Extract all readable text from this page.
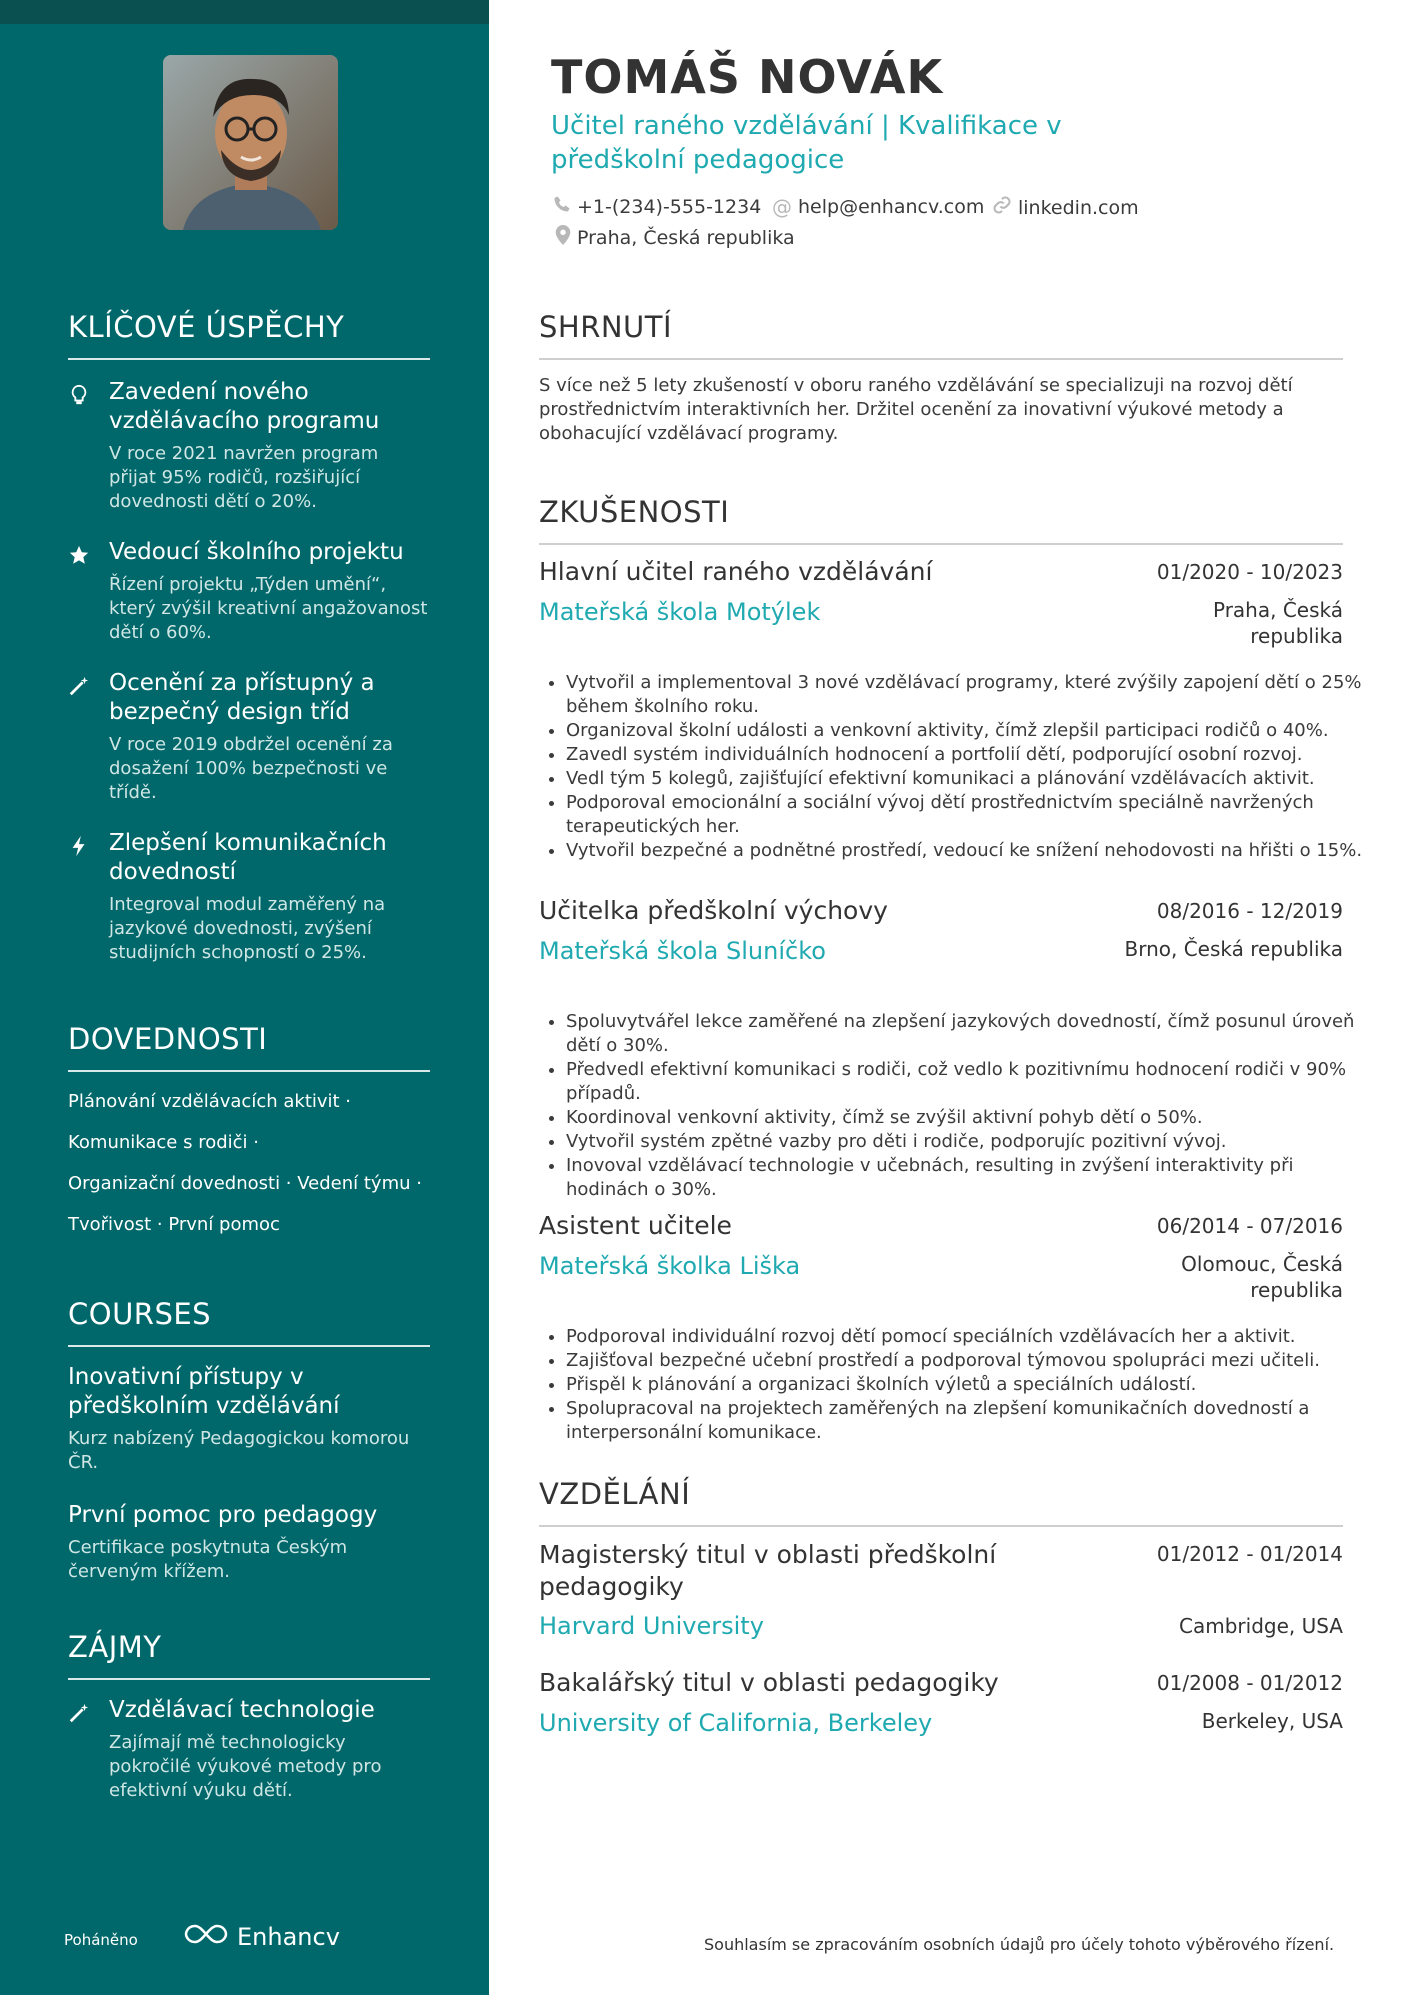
KLÍČOVÉ ÚSPĚCHY
Zavedení nového vzdělávacího programu
V roce 2021 navržen program přijat 95% rodičů, rozšiřující dovednosti dětí o 20%.
Vedoucí školního projektu
Řízení projektu „Týden umění“, který zvýšil kreativní angažovanost dětí o 60%.
Ocenění za přístupný a bezpečný design tříd
V roce 2019 obdržel ocenění za dosažení 100% bezpečnosti ve třídě.
Zlepšení komunikačních dovedností
Integroval modul zaměřený na jazykové dovednosti, zvýšení studijních schopností o 25%.
DOVEDNOSTI
Plánování vzdělávacích aktivit ·
Komunikace s rodiči ·
Organizační dovednosti · Vedení týmu ·
Tvořivost · První pomoc
COURSES
Inovativní přístupy v předškolním vzdělávání
Kurz nabízený Pedagogickou komorou ČR.
První pomoc pro pedagogy
Certifikace poskytnuta Českým červeným křížem.
ZÁJMY
Vzdělávací technologie
Zajímají mě technologicky pokročilé výukové metody pro efektivní výuku dětí.
Poháněno	Enhancv
TOMÁŠ NOVÁK
Učitel raného vzdělávání | Kvalifikace v předškolní pedagogice
+1-(234)-555-1234 @ help@enhancv.com linkedin.com
Praha, Česká republika
SHRNUTÍ
S více než 5 lety zkušeností v oboru raného vzdělávání se specializuji na rozvoj dětí prostřednictvím interaktivních her. Držitel ocenění za inovativní výukové metody a obohacující vzdělávací programy.
ZKUŠENOSTI
Hlavní učitel raného vzdělávání	01/2020 - 10/2023
Mateřská škola Motýlek	Praha, Česká republika
• Vytvořil a implementoval 3 nové vzdělávací programy, které zvýšily zapojení dětí o 25% během školního roku.
• Organizoval školní události a venkovní aktivity, čímž zlepšil participaci rodičů o 40%.
• Zavedl systém individuálních hodnocení a portfolií dětí, podporující osobní rozvoj.
• Vedl tým 5 kolegů, zajišťující efektivní komunikaci a plánování vzdělávacích aktivit.
• Podporoval emocionální a sociální vývoj dětí prostřednictvím speciálně navržených terapeutických her.
• Vytvořil bezpečné a podnětné prostředí, vedoucí ke snížení nehodovosti na hřišti o 15%.
Učitelka předškolní výchovy	08/2016 - 12/2019
Mateřská škola Sluníčko	Brno, Česká republika
• Spoluvytvářel lekce zaměřené na zlepšení jazykových dovedností, čímž posunul úroveň dětí o 30%.
• Předvedl efektivní komunikaci s rodiči, což vedlo k pozitivnímu hodnocení rodiči v 90% případů.
• Koordinoval venkovní aktivity, čímž se zvýšil aktivní pohyb dětí o 50%.
• Vytvořil systém zpětné vazby pro děti i rodiče, podporujíc pozitivní vývoj.
• Inovoval vzdělávací technologie v učebnách, resulting in zvýšení interaktivity při hodinách o 30%.
Asistent učitele	06/2014 - 07/2016
Mateřská školka Liška	Olomouc, Česká republika
• Podporoval individuální rozvoj dětí pomocí speciálních vzdělávacích her a aktivit.
• Zajišťoval bezpečné učební prostředí a podporoval týmovou spolupráci mezi učiteli.
• Přispěl k plánování a organizaci školních výletů a speciálních událostí.
• Spolupracoval na projektech zaměřených na zlepšení komunikačních dovedností a interpersonální komunikace.
VZDĚLÁNÍ
Magisterský titul v oblasti předškolní pedagogiky
01/2012 - 01/2014
Harvard University	Cambridge, USA
Bakalářský titul v oblasti pedagogiky	01/2008 - 01/2012
University of California, Berkeley	Berkeley, USA
Souhlasím se zpracováním osobních údajů pro účely tohoto výběrového řízení.
